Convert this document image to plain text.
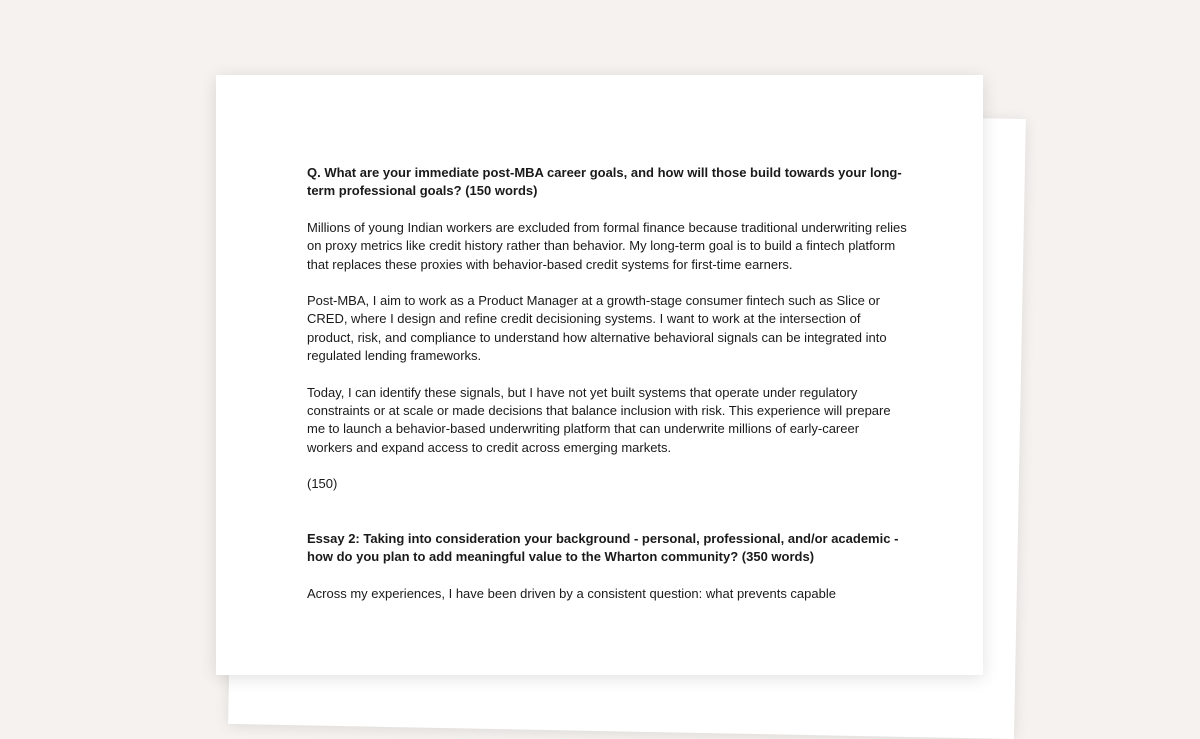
Q. What are your immediate post-MBA career goals, and how will those build towards your long-term professional goals? (150 words)

Millions of young Indian workers are excluded from formal finance because traditional underwriting relies on proxy metrics like credit history rather than behavior. My long-term goal is to build a fintech platform that replaces these proxies with behavior-based credit systems for first-time earners.

Post-MBA, I aim to work as a Product Manager at a growth-stage consumer fintech such as Slice or CRED, where I design and refine credit decisioning systems. I want to work at the intersection of product, risk, and compliance to understand how alternative behavioral signals can be integrated into regulated lending frameworks.

Today, I can identify these signals, but I have not yet built systems that operate under regulatory constraints or at scale or made decisions that balance inclusion with risk. This experience will prepare me to launch a behavior-based underwriting platform that can underwrite millions of early-career workers and expand access to credit across emerging markets.

(150)

Essay 2: Taking into consideration your background - personal, professional, and/or academic - how do you plan to add meaningful value to the Wharton community? (350 words)

Across my experiences, I have been driven by a consistent question: what prevents capable
